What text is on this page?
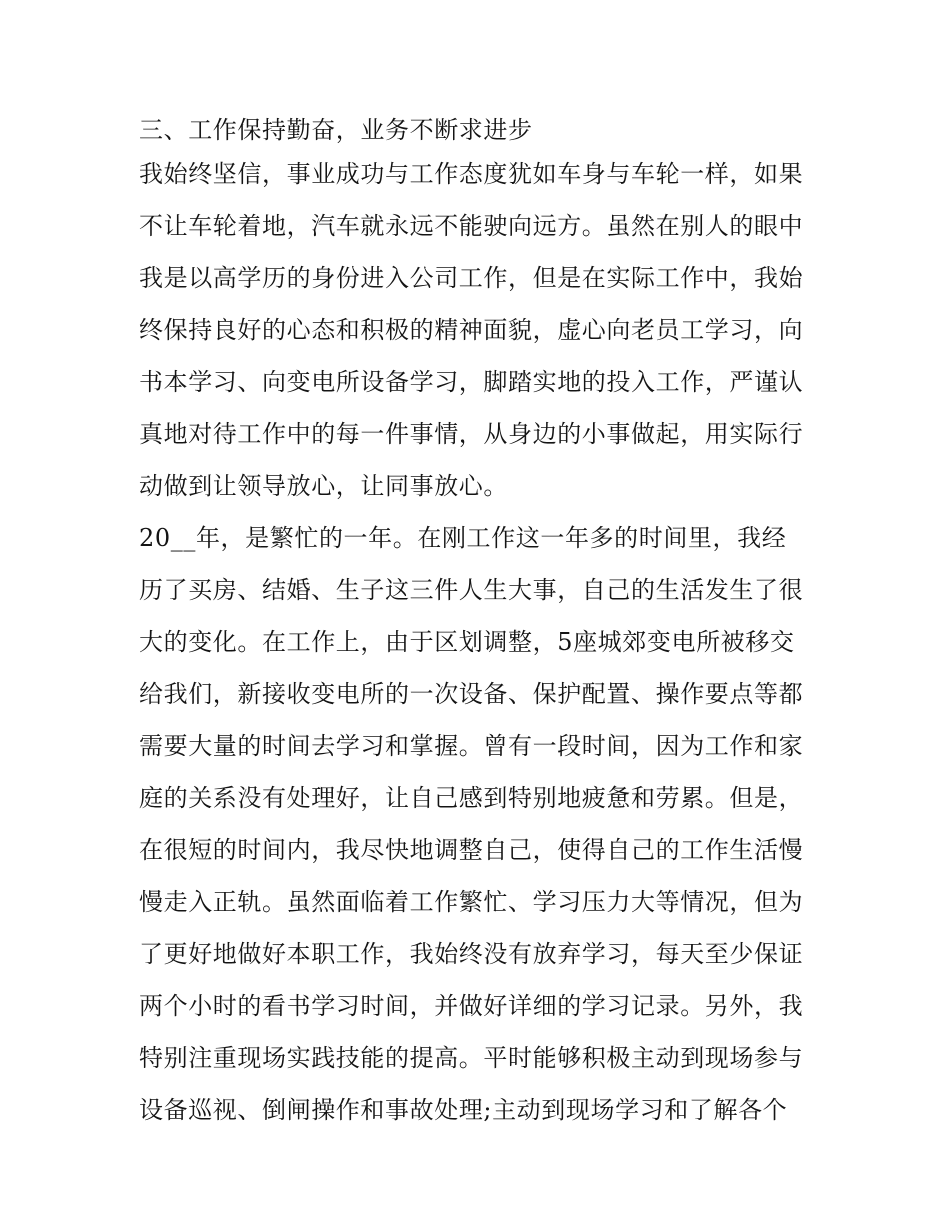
三、工作保持勤奋，业务不断求进步
我始终坚信，事业成功与工作态度犹如车身与车轮一样，如果
不让车轮着地，汽车就永远不能驶向远方。虽然在别人的眼中
我是以高学历的身份进入公司工作，但是在实际工作中，我始
终保持良好的心态和积极的精神面貌，虚心向老员工学习，向
书本学习、向变电所设备学习，脚踏实地的投入工作，严谨认
真地对待工作中的每一件事情，从身边的小事做起，用实际行
动做到让领导放心，让同事放心。
20__年，是繁忙的一年。在刚工作这一年多的时间里，我经
历了买房、结婚、生子这三件人生大事，自己的生活发生了很
大的变化。在工作上，由于区划调整，5座城郊变电所被移交
给我们，新接收变电所的一次设备、保护配置、操作要点等都
需要大量的时间去学习和掌握。曾有一段时间，因为工作和家
庭的关系没有处理好，让自己感到特别地疲惫和劳累。但是，
在很短的时间内，我尽快地调整自己，使得自己的工作生活慢
慢走入正轨。虽然面临着工作繁忙、学习压力大等情况，但为
了更好地做好本职工作，我始终没有放弃学习，每天至少保证
两个小时的看书学习时间，并做好详细的学习记录。另外，我
特别注重现场实践技能的提高。平时能够积极主动到现场参与
设备巡视、倒闸操作和事故处理;主动到现场学习和了解各个
